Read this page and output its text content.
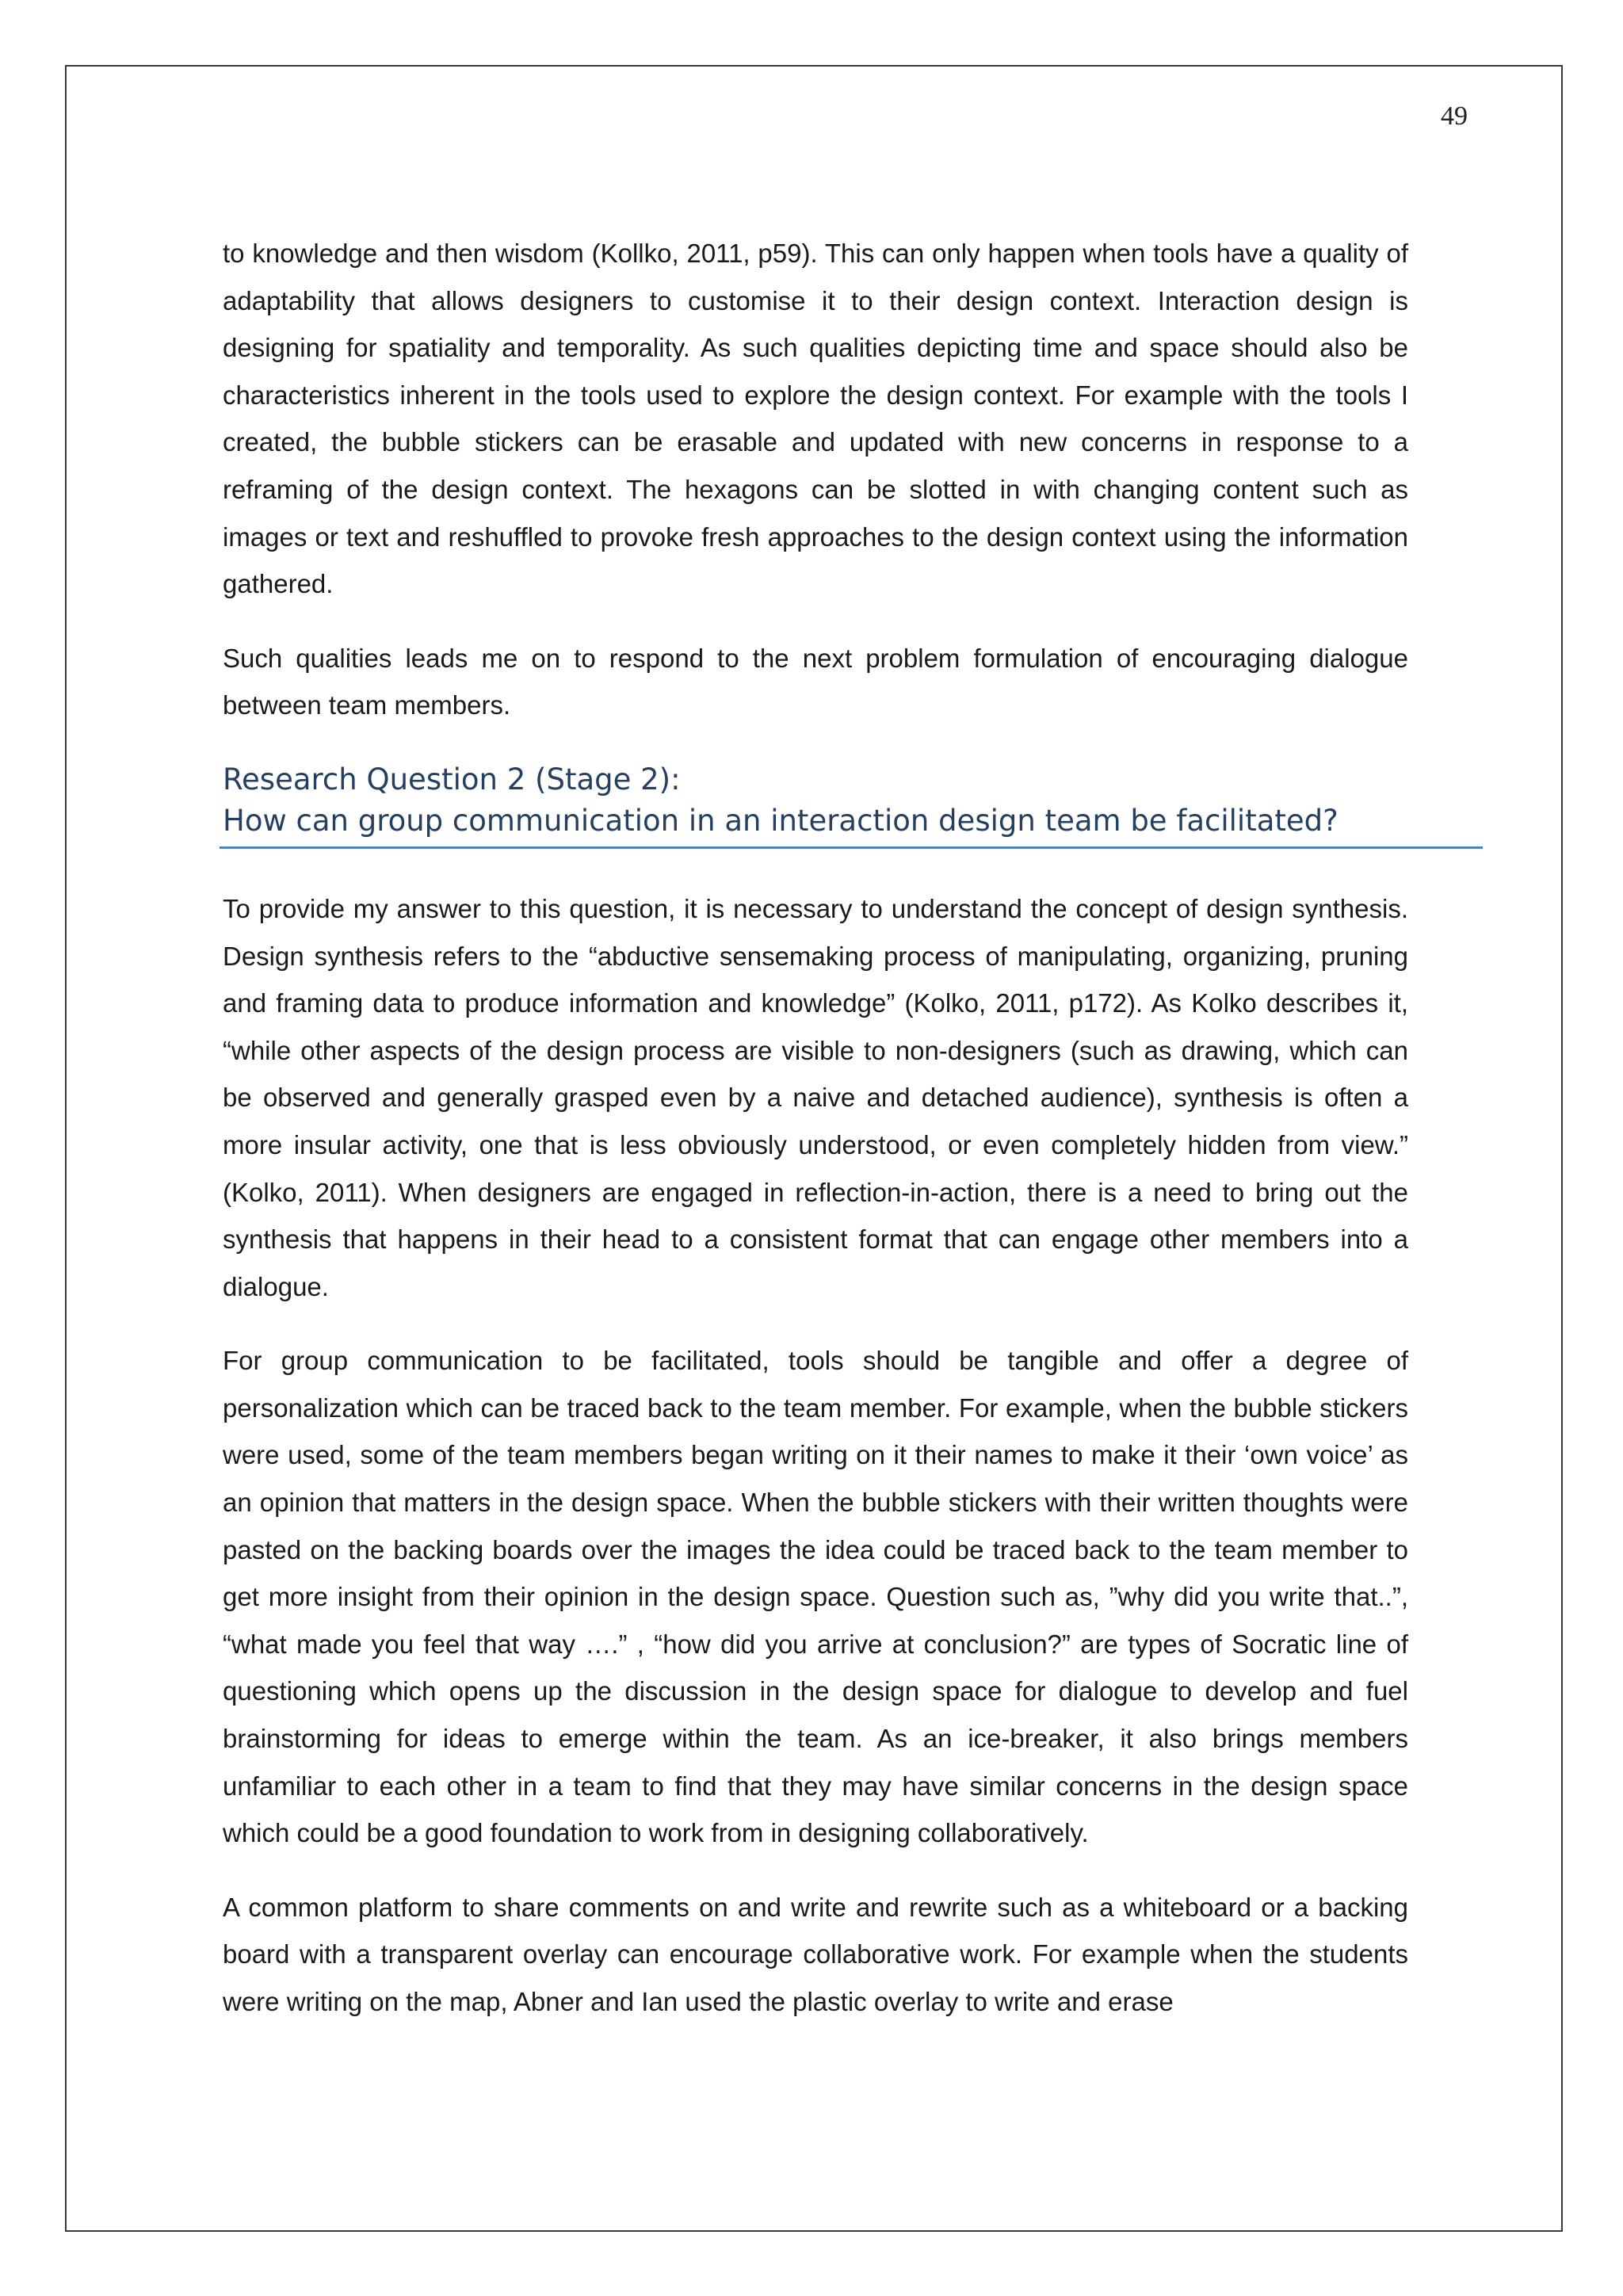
49

to knowledge and then wisdom (Kollko, 2011, p59). This can only happen when tools have a quality of adaptability that allows designers to customise it to their design context. Interaction design is designing for spatiality and temporality. As such qualities depicting time and space should also be characteristics inherent in the tools used to explore the design context. For example with the tools I created, the bubble stickers can be erasable and updated with new concerns in response to a reframing of the design context. The hexagons can be slotted in with changing content such as images or text and reshuffled to provoke fresh approaches to the design context using the information gathered.

Such qualities leads me on to respond to the next problem formulation of encouraging dialogue between team members.

Research Question 2 (Stage 2):
How can group communication in an interaction design team be facilitated?

To provide my answer to this question, it is necessary to understand the concept of design synthesis. Design synthesis refers to the “abductive sensemaking process of manipulating, organizing, pruning and framing data to produce information and knowledge” (Kolko, 2011, p172). As Kolko describes it, “while other aspects of the design process are visible to non-designers (such as drawing, which can be observed and generally grasped even by a naive and detached audience), synthesis is often a more insular activity, one that is less obviously understood, or even completely hidden from view.” (Kolko, 2011). When designers are engaged in reflection-in-action, there is a need to bring out the synthesis that happens in their head to a consistent format that can engage other members into a dialogue.

For group communication to be facilitated, tools should be tangible and offer a degree of personalization which can be traced back to the team member. For example, when the bubble stickers were used, some of the team members began writing on it their names to make it their ‘own voice’ as an opinion that matters in the design space. When the bubble stickers with their written thoughts were pasted on the backing boards over the images the idea could be traced back to the team member to get more insight from their opinion in the design space. Question such as, ”why did you write that..”, “what made you feel that way ….” , “how did you arrive at conclusion?” are types of Socratic line of questioning which opens up the discussion in the design space for dialogue to develop and fuel brainstorming for ideas to emerge within the team. As an ice-breaker, it also brings members unfamiliar to each other in a team to find that they may have similar concerns in the design space which could be a good foundation to work from in designing collaboratively.

A common platform to share comments on and write and rewrite such as a whiteboard or a backing board with a transparent overlay can encourage collaborative work. For example when the students were writing on the map, Abner and Ian used the plastic overlay to write and erase
